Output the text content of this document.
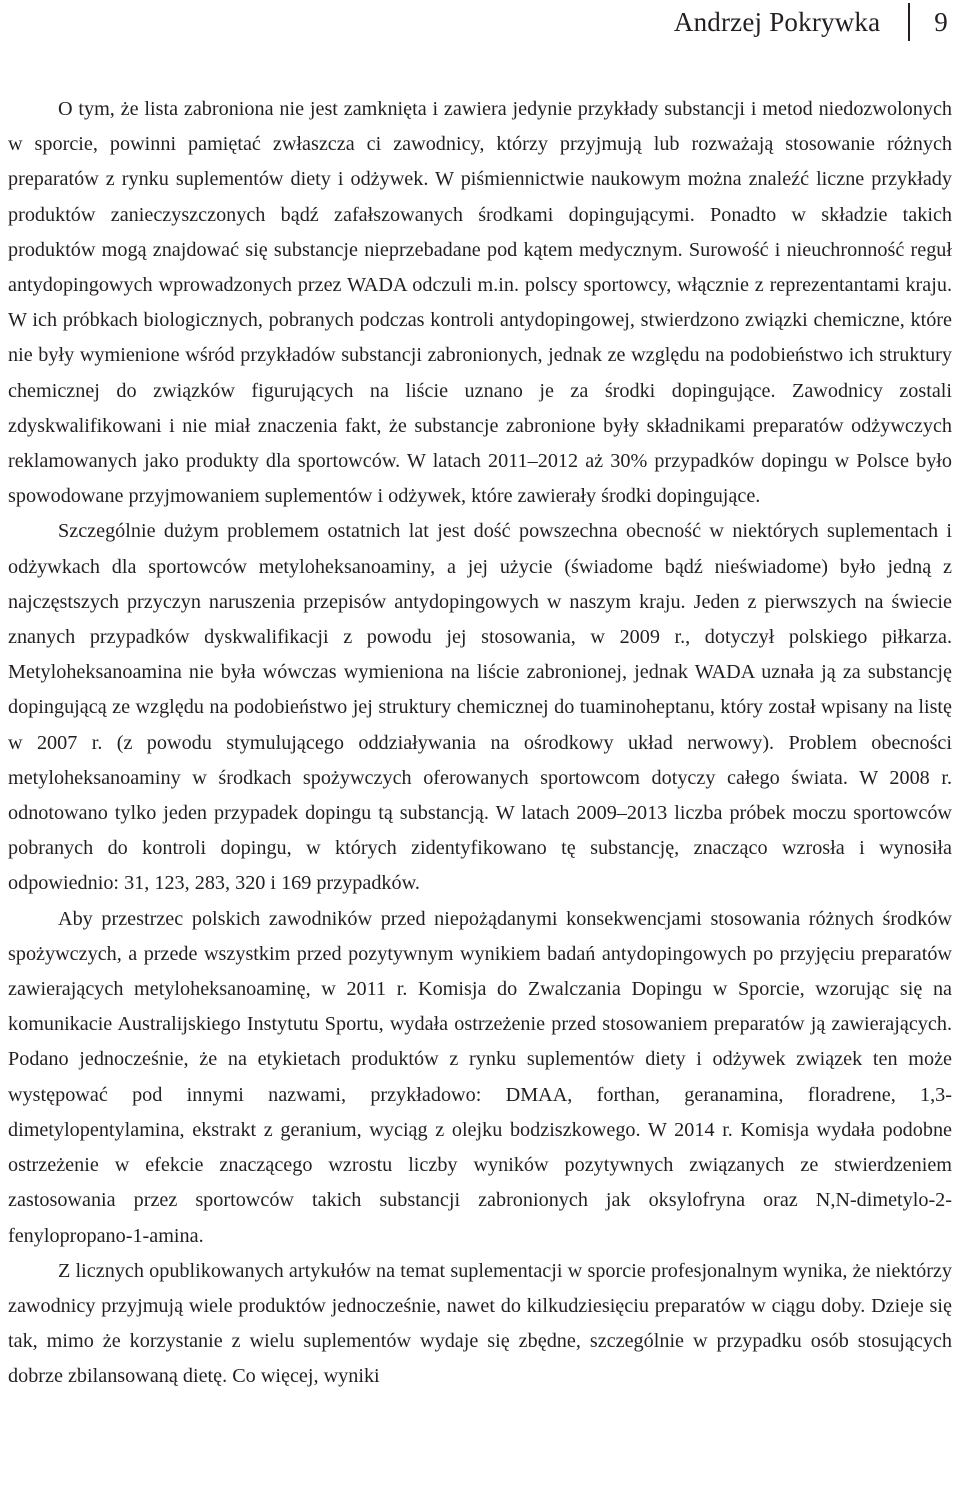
Andrzej Pokrywka	9

O tym, że lista zabroniona nie jest zamknięta i zawiera jedynie przykłady substancji i metod niedozwolonych w sporcie, powinni pamiętać zwłaszcza ci zawodnicy, którzy przyjmują lub rozważają stosowanie różnych preparatów z rynku suplementów diety i odżywek. W piśmiennictwie naukowym można znaleźć liczne przykłady produktów zanieczyszczonych bądź zafałszowanych środkami dopingującymi. Ponadto w składzie takich produktów mogą znajdować się substancje nieprzebadane pod kątem medycznym. Surowość i nieuchronność reguł antydopingowych wprowadzonych przez WADA odczuli m.in. polscy sportowcy, włącznie z reprezentantami kraju. W ich próbkach biologicznych, pobranych podczas kontroli antydopingowej, stwierdzono związki chemiczne, które nie były wymienione wśród przykładów substancji zabronionych, jednak ze względu na podobieństwo ich struktury chemicznej do związków figurujących na liście uznano je za środki dopingujące. Zawodnicy zostali zdyskwalifikowani i nie miał znaczenia fakt, że substancje zabronione były składnikami preparatów odżywczych reklamowanych jako produkty dla sportowców. W latach 2011–2012 aż 30% przypadków dopingu w Polsce było spowodowane przyjmowaniem suplementów i odżywek, które zawierały środki dopingujące.

Szczególnie dużym problemem ostatnich lat jest dość powszechna obecność w niektórych suplementach i odżywkach dla sportowców metyloheksanoaminy, a jej użycie (świadome bądź nieświadome) było jedną z najczęstszych przyczyn naruszenia przepisów antydopingowych w naszym kraju. Jeden z pierwszych na świecie znanych przypadków dyskwalifikacji z powodu jej stosowania, w 2009 r., dotyczył polskiego piłkarza. Metyloheksanoamina nie była wówczas wymieniona na liście zabronionej, jednak WADA uznała ją za substancję dopingującą ze względu na podobieństwo jej struktury chemicznej do tuaminoheptanu, który został wpisany na listę w 2007 r. (z powodu stymulującego oddziaływania na ośrodkowy układ nerwowy). Problem obecności metyloheksanoaminy w środkach spożywczych oferowanych sportowcom dotyczy całego świata. W 2008 r. odnotowano tylko jeden przypadek dopingu tą substancją. W latach 2009–2013 liczba próbek moczu sportowców pobranych do kontroli dopingu, w których zidentyfikowano tę substancję, znacząco wzrosła i wynosiła odpowiednio: 31, 123, 283, 320 i 169 przypadków.

Aby przestrzec polskich zawodników przed niepożądanymi konsekwencjami stosowania różnych środków spożywczych, a przede wszystkim przed pozytywnym wynikiem badań antydopingowych po przyjęciu preparatów zawierających metyloheksanoaminę, w 2011 r. Komisja do Zwalczania Dopingu w Sporcie, wzorując się na komunikacie Australijskiego Instytutu Sportu, wydała ostrzeżenie przed stosowaniem preparatów ją zawierających. Podano jednocześnie, że na etykietach produktów z rynku suplementów diety i odżywek związek ten może występować pod innymi nazwami, przykładowo: DMAA, forthan, geranamina, floradrene, 1,3-dimetylopentylamina, ekstrakt z geranium, wyciąg z olejku bodziszkowego. W 2014 r. Komisja wydała podobne ostrzeżenie w efekcie znaczącego wzrostu liczby wyników pozytywnych związanych ze stwierdzeniem zastosowania przez sportowców takich substancji zabronionych jak oksylofryna oraz N,N-dimetylo-2-fenylopropano-1-amina.

Z licznych opublikowanych artykułów na temat suplementacji w sporcie profesjonalnym wynika, że niektórzy zawodnicy przyjmują wiele produktów jednocześnie, nawet do kilkudziesięciu preparatów w ciągu doby. Dzieje się tak, mimo że korzystanie z wielu suplementów wydaje się zbędne, szczególnie w przypadku osób stosujących dobrze zbilansowaną dietę. Co więcej, wyniki
